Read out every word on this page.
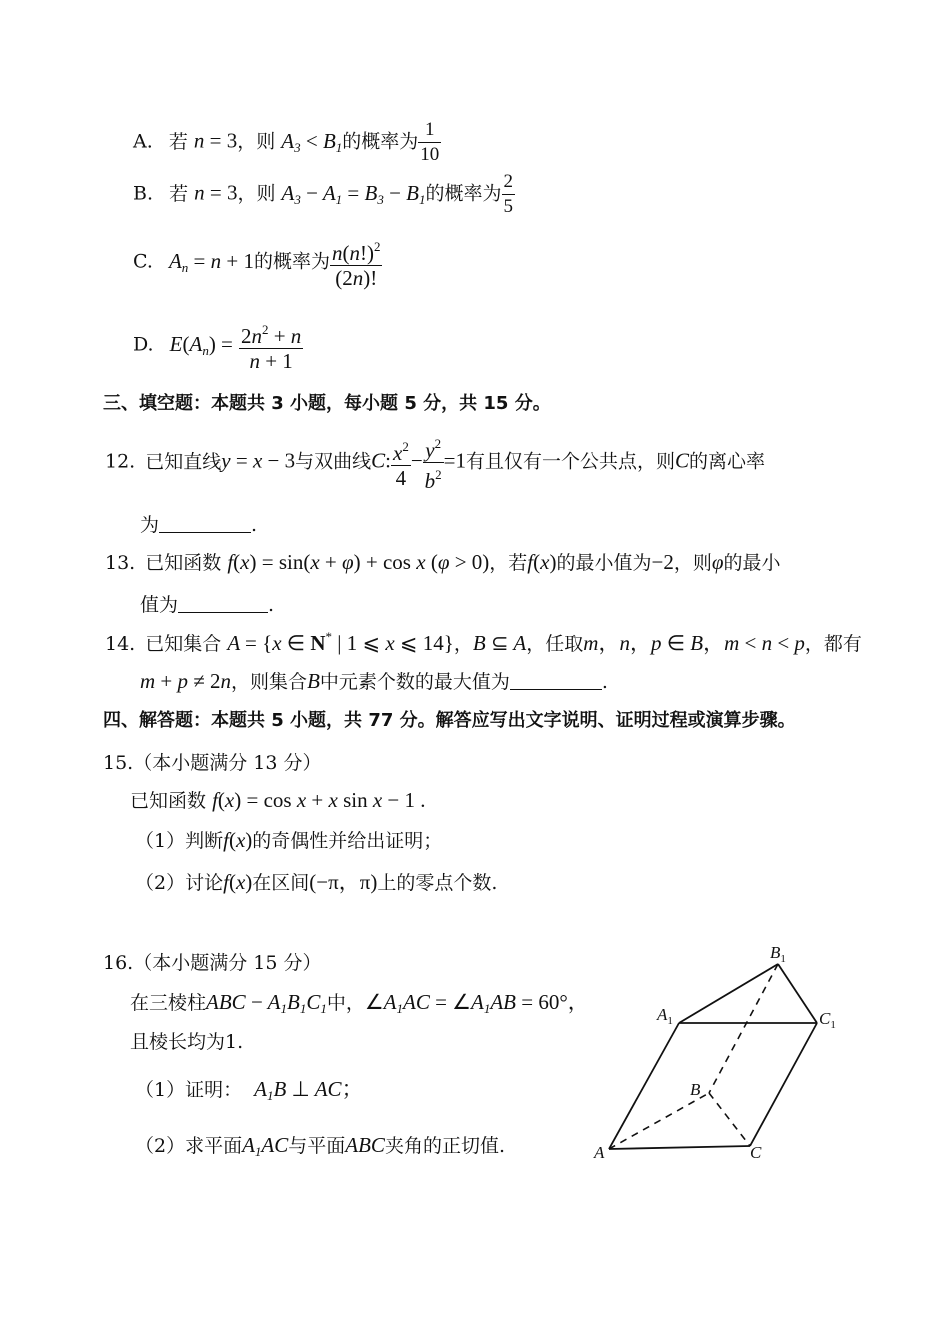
A. 若 n = 3，则 $A_3 < B_1$的概率为 $\frac{1}{10}$
B. 若 n = 3，则 $A_3 - A_1 = B_3 - B_1$的概率为 $\frac{2}{5}$
C. $A_n = n + 1$的概率为 $\frac{n(n!)^2}{(2n)!}$
D. $E(A_n) = \frac{2n^2 + n}{n + 1}$
三、填空题：本题共 3 小题，每小题 5 分，共 15 分。
12. 已知直线y = x − 3与双曲线C: $\frac{x^2}{4} - \frac{y^2}{b^2} =1$有且仅有一个公共点，则C的离心率
为	.
13. 已知函数 f(x) = sin(x + φ) + cos x (φ > 0)，若f(x)的最小值为−2，则φ的最小
值为	.
14. 已知集合 A = {x ∈ N* | 1 ⩽ x ⩽ 14}，B ⊆ A，任取m，n，p ∈ B，m < n < p，都有
m + p ≠ 2n，则集合B中元素个数的最大值为	.
四、解答题：本题共 5 小题，共 77 分。解答应写出文字说明、证明过程或演算步骤。
15.（本小题满分 13 分）
已知函数 f(x) = cos x + x sin x − 1 .
（1）判断f(x)的奇偶性并给出证明；
（2）讨论f(x)在区间(−π，π)上的零点个数.
16.（本小题满分 15 分）
在三棱柱ABC − $A_1B_1C_1$中，$\angle A_1AC$ = $\angle A_1AB = 60^\circ$，
且棱长均为1.
（1）证明： $A_1B$ ⊥ AC；
（2）求平面$A_1AC$与平面ABC夹角的正切值.
$B_1$
$A_1$	$C_1$
B
A	C
